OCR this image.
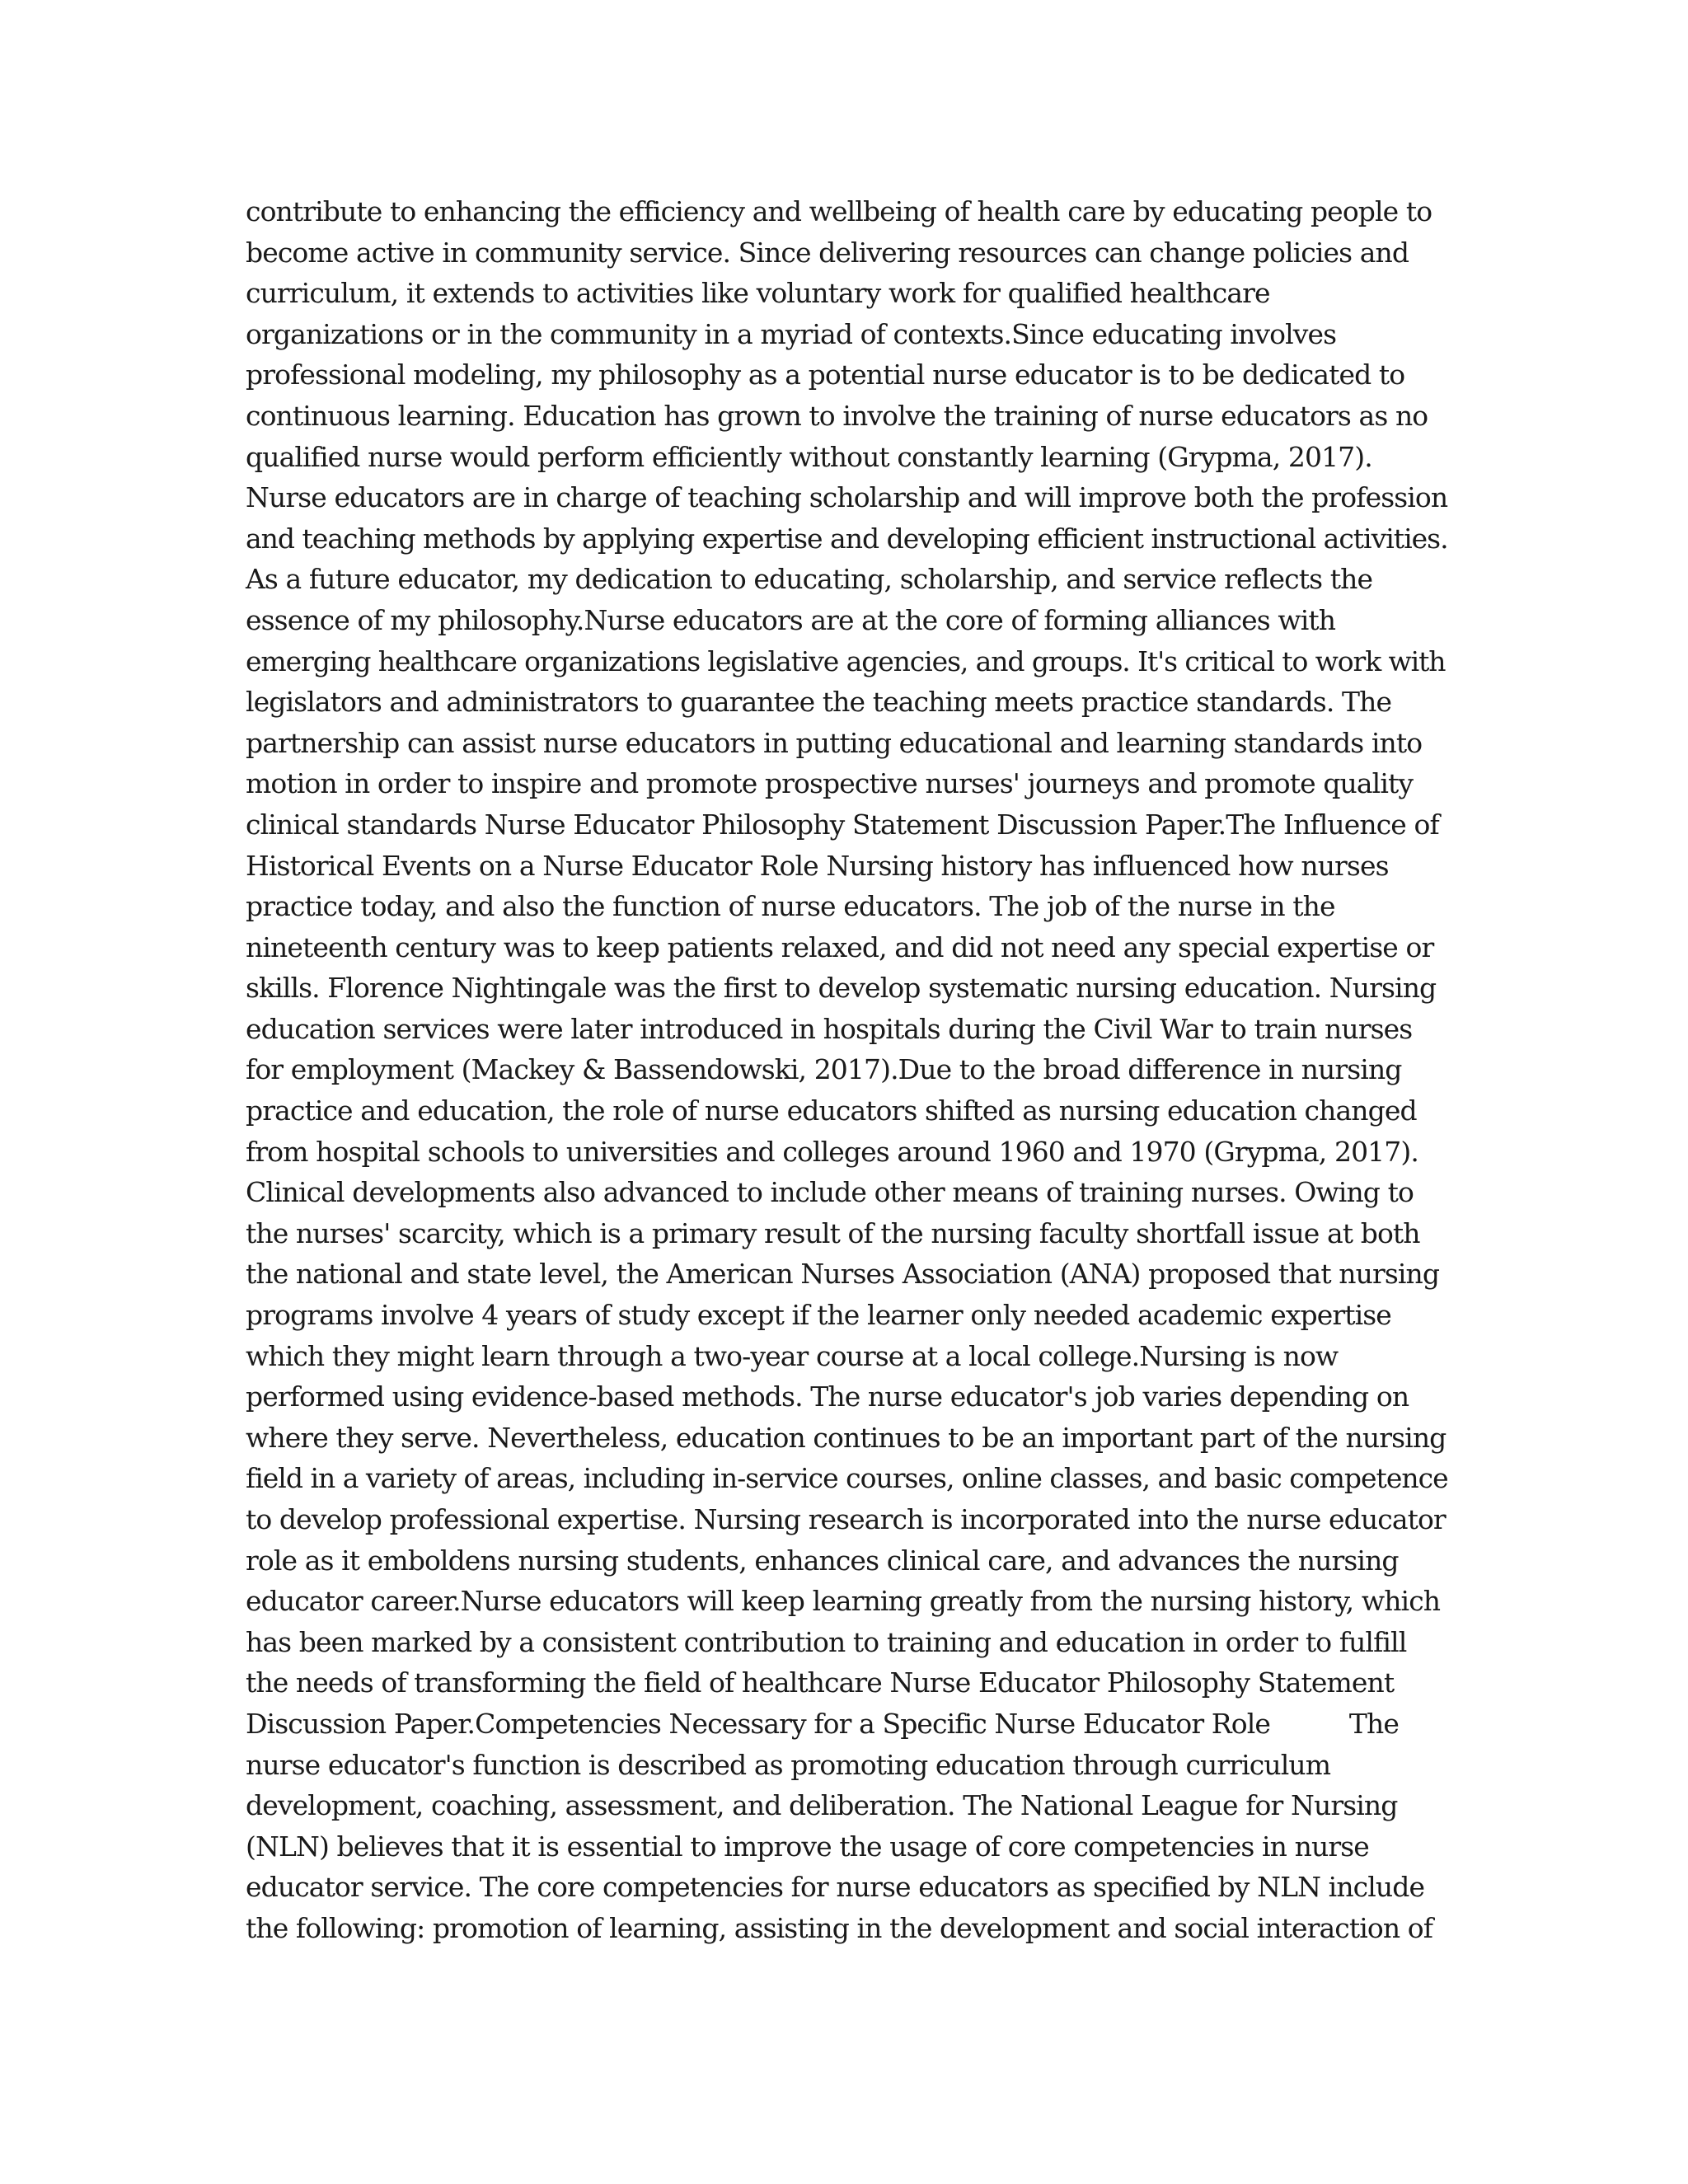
contribute to enhancing the efficiency and wellbeing of health care by educating people to
become active in community service. Since delivering resources can change policies and
curriculum, it extends to activities like voluntary work for qualified healthcare
organizations or in the community in a myriad of contexts.Since educating involves
professional modeling, my philosophy as a potential nurse educator is to be dedicated to
continuous learning. Education has grown to involve the training of nurse educators as no
qualified nurse would perform efficiently without constantly learning (Grypma, 2017).
Nurse educators are in charge of teaching scholarship and will improve both the profession
and teaching methods by applying expertise and developing efficient instructional activities.
As a future educator, my dedication to educating, scholarship, and service reflects the
essence of my philosophy.Nurse educators are at the core of forming alliances with
emerging healthcare organizations legislative agencies, and groups. It's critical to work with
legislators and administrators to guarantee the teaching meets practice standards. The
partnership can assist nurse educators in putting educational and learning standards into
motion in order to inspire and promote prospective nurses' journeys and promote quality
clinical standards Nurse Educator Philosophy Statement Discussion Paper.The Influence of
Historical Events on a Nurse Educator Role Nursing history has influenced how nurses
practice today, and also the function of nurse educators. The job of the nurse in the
nineteenth century was to keep patients relaxed, and did not need any special expertise or
skills. Florence Nightingale was the first to develop systematic nursing education. Nursing
education services were later introduced in hospitals during the Civil War to train nurses
for employment (Mackey & Bassendowski, 2017).Due to the broad difference in nursing
practice and education, the role of nurse educators shifted as nursing education changed
from hospital schools to universities and colleges around 1960 and 1970 (Grypma, 2017).
Clinical developments also advanced to include other means of training nurses. Owing to
the nurses' scarcity, which is a primary result of the nursing faculty shortfall issue at both
the national and state level, the American Nurses Association (ANA) proposed that nursing
programs involve 4 years of study except if the learner only needed academic expertise
which they might learn through a two-year course at a local college.Nursing is now
performed using evidence-based methods. The nurse educator's job varies depending on
where they serve. Nevertheless, education continues to be an important part of the nursing
field in a variety of areas, including in-service courses, online classes, and basic competence
to develop professional expertise. Nursing research is incorporated into the nurse educator
role as it emboldens nursing students, enhances clinical care, and advances the nursing
educator career.Nurse educators will keep learning greatly from the nursing history, which
has been marked by a consistent contribution to training and education in order to fulfill
the needs of transforming the field of healthcare Nurse Educator Philosophy Statement
Discussion Paper.Competencies Necessary for a Specific Nurse Educator Role          The
nurse educator's function is described as promoting education through curriculum
development, coaching, assessment, and deliberation. The National League for Nursing
(NLN) believes that it is essential to improve the usage of core competencies in nurse
educator service. The core competencies for nurse educators as specified by NLN include
the following: promotion of learning, assisting in the development and social interaction of
